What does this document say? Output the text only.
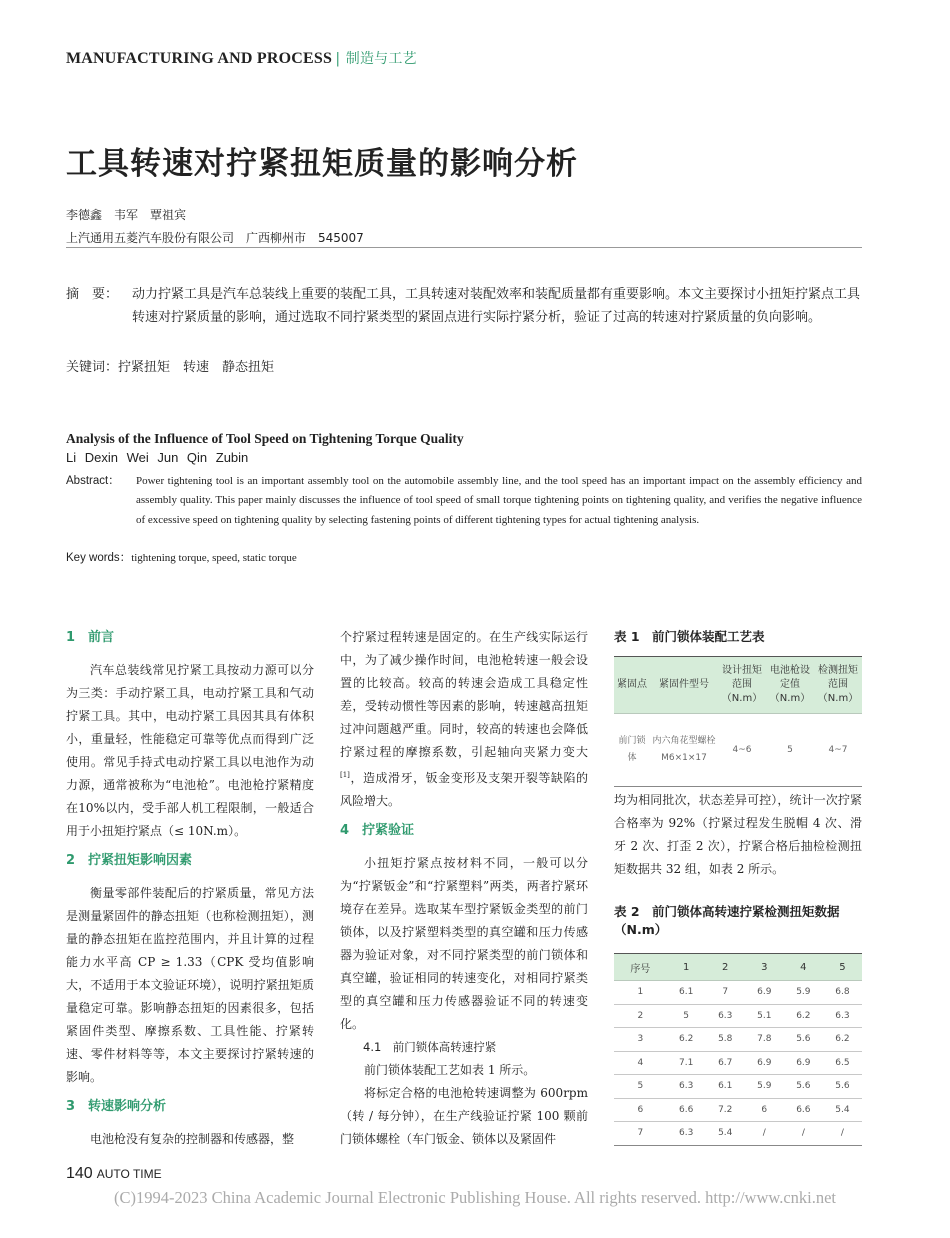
MANUFACTURING AND PROCESS | 制造与工艺
工具转速对拧紧扭矩质量的影响分析
李德鑫　韦军　覃祖宾
上汽通用五菱汽车股份有限公司　广西柳州市　545007
摘　要： 动力拧紧工具是汽车总装线上重要的装配工具，工具转速对装配效率和装配质量都有重要影响。本文主要探讨小扭矩拧紧点工具转速对拧紧质量的影响，通过选取不同拧紧类型的紧固点进行实际拧紧分析，验证了过高的转速对拧紧质量的负向影响。
关键词：拧紧扭矩　转速　静态扭矩
Analysis of the Influence of Tool Speed on Tightening Torque Quality
Li Dexin Wei Jun Qin Zubin
Abstract： Power tightening tool is an important assembly tool on the automobile assembly line, and the tool speed has an important impact on the assembly efficiency and assembly quality. This paper mainly discusses the influence of tool speed of small torque tightening points on tightening quality, and verifies the negative influence of excessive speed on tightening quality by selecting fastening points of different tightening types for actual tightening analysis.
Key words：tightening torque, speed, static torque
1　前言

汽车总装线常见拧紧工具按动力源可以分为三类：手动拧紧工具，电动拧紧工具和气动拧紧工具。其中，电动拧紧工具因其具有体积小，重量轻，性能稳定可靠等优点而得到广泛使用。常见手持式电动拧紧工具以电池作为动力源，通常被称为“电池枪”。电池枪拧紧精度在10%以内，受手部人机工程限制，一般适合用于小扭矩拧紧点（≤ 10N.m）。

2　拧紧扭矩影响因素

衡量零部件装配后的拧紧质量，常见方法是测量紧固件的静态扭矩（也称检测扭矩），测量的静态扭矩在监控范围内，并且计算的过程能力水平高 CP ≥ 1.33（CPK 受均值影响大，不适用于本文验证环境），说明拧紧扭矩质量稳定可靠。影响静态扭矩的因素很多，包括紧固件类型、摩擦系数、工具性能、拧紧转速、零件材料等等，本文主要探讨拧紧转速的影响。

3　转速影响分析

电池枪没有复杂的控制器和传感器，整

个拧紧过程转速是固定的。在生产线实际运行中，为了减少操作时间，电池枪转速一般会设置的比较高。较高的转速会造成工具稳定性差，受转动惯性等因素的影响，转速越高扭矩过冲问题越严重。同时，较高的转速也会降低拧紧过程的摩擦系数，引起轴向夹紧力变大[1]，造成滑牙，钣金变形及支架开裂等缺陷的风险增大。

4　拧紧验证

小扭矩拧紧点按材料不同，一般可以分为“拧紧钣金”和“拧紧塑料”两类，两者拧紧环境存在差异。选取某车型拧紧钣金类型的前门锁体，以及拧紧塑料类型的真空罐和压力传感器为验证对象，对不同拧紧类型的前门锁体和真空罐，验证相同的转速变化，对相同拧紧类型的真空罐和压力传感器验证不同的转速变化。

4.1　前门锁体高转速拧紧

前门锁体装配工艺如表 1 所示。

将标定合格的电池枪转速调整为 600rpm（转 / 每分钟），在生产线验证拧紧 100 颗前门锁体螺栓（车门钣金、锁体以及紧固件

表 1　前门锁体装配工艺表
紧固点	紧固件型号	设计扭矩范围（N.m）	电池枪设定值（N.m）	检测扭矩范围（N.m）
前门锁体	内六角花型螺栓 M6×1×17	4~6	5	4~7
均为相同批次，状态差异可控），统计一次拧紧合格率为 92%（拧紧过程发生脱帽 4 次、滑牙 2 次、打歪 2 次），拧紧合格后抽检检测扭矩数据共 32 组，如表 2 所示。
表 2　前门锁体高转速拧紧检测扭矩数据（N.m）
序号	1	2	3	4	5
1	6.1	7	6.9	5.9	6.8
2	5	6.3	5.1	6.2	6.3
3	6.2	5.8	7.8	5.6	6.2
4	7.1	6.7	6.9	6.9	6.5
5	6.3	6.1	5.9	5.6	5.6
6	6.6	7.2	6	6.6	5.4
7	6.3	5.4	/	/	/
140 AUTO TIME
(C)1994-2023 China Academic Journal Electronic Publishing House. All rights reserved. http://www.cnki.net
